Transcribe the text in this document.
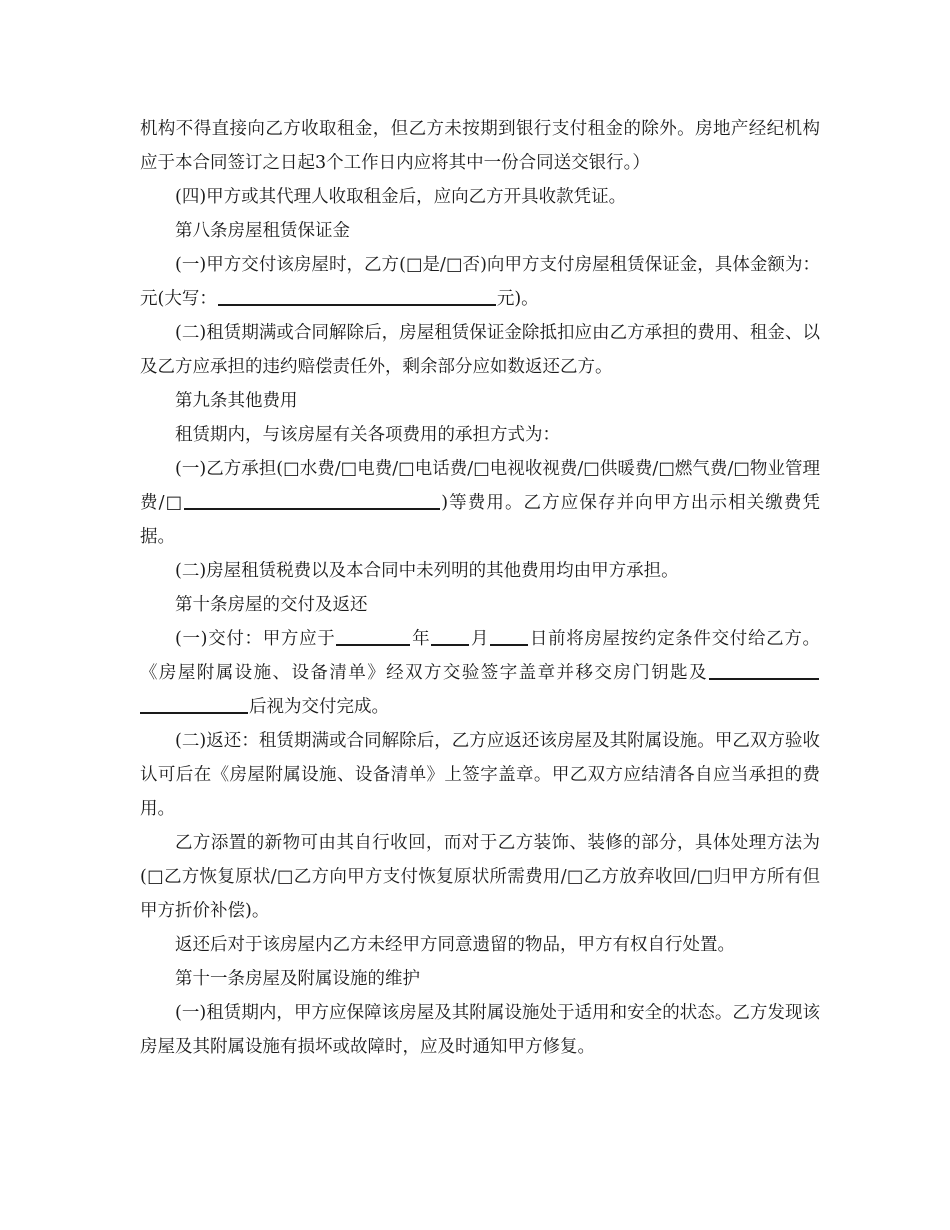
机构不得直接向乙方收取租金，但乙方未按期到银行支付租金的除外。房地产经纪机构应于本合同签订之日起3个工作日内应将其中一份合同送交银行。）

(四)甲方或其代理人收取租金后，应向乙方开具收款凭证。

第八条房屋租赁保证金

(一)甲方交付该房屋时，乙方(□是/□否)向甲方支付房屋租赁保证金，具体金额为：元(大写：	元)。

(二)租赁期满或合同解除后，房屋租赁保证金除抵扣应由乙方承担的费用、租金、以及乙方应承担的违约赔偿责任外，剩余部分应如数返还乙方。

第九条其他费用

租赁期内，与该房屋有关各项费用的承担方式为：

(一)乙方承担(□水费/□电费/□电话费/□电视收视费/□供暖费/□燃气费/□物业管理费/□	)等费用。乙方应保存并向甲方出示相关缴费凭据。

(二)房屋租赁税费以及本合同中未列明的其他费用均由甲方承担。

第十条房屋的交付及返还

(一)交付：甲方应于	年 月 日前将房屋按约定条件交付给乙方。《房屋附属设施、设备清单》经双方交验签字盖章并移交房门钥匙及后视为交付完成。

(二)返还：租赁期满或合同解除后，乙方应返还该房屋及其附属设施。甲乙双方验收认可后在《房屋附属设施、设备清单》上签字盖章。甲乙双方应结清各自应当承担的费用。

乙方添置的新物可由其自行收回，而对于乙方装饰、装修的部分，具体处理方法为(□乙方恢复原状/□乙方向甲方支付恢复原状所需费用/□乙方放弃收回/□归甲方所有但甲方折价补偿)。

返还后对于该房屋内乙方未经甲方同意遗留的物品，甲方有权自行处置。

第十一条房屋及附属设施的维护

(一)租赁期内，甲方应保障该房屋及其附属设施处于适用和安全的状态。乙方发现该房屋及其附属设施有损坏或故障时，应及时通知甲方修复。
